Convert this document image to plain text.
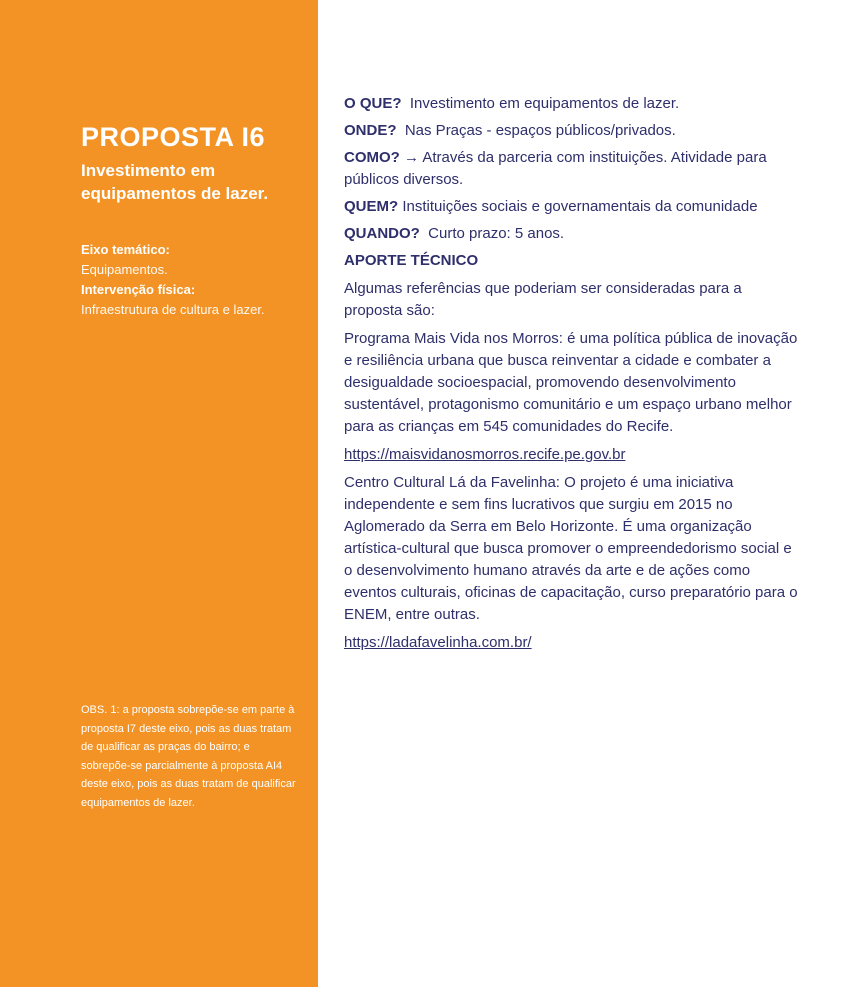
PROPOSTA I6
Investimento em equipamentos de lazer.
Eixo temático:
Equipamentos.
Intervenção física:
Infraestrutura de cultura e lazer.

OBS. 1: a proposta sobrepõe-se em parte à proposta I7 deste eixo, pois as duas tratam de qualificar as praças do bairro; e sobrepõe-se parcialmente à proposta AI4 deste eixo, pois as duas tratam de qualificar equipamentos de lazer.

O QUE? Investimento em equipamentos de lazer.

ONDE? Nas Praças - espaços públicos/privados.

COMO? → Através da parceria com instituições. Atividade para públicos diversos.

QUEM? Instituições sociais e governamentais da comunidade

QUANDO? Curto prazo: 5 anos.

APORTE TÉCNICO

Algumas referências que poderiam ser consideradas para a proposta são:

Programa Mais Vida nos Morros: é uma política pública de inovação e resiliência urbana que busca reinventar a cidade e combater a desigualdade socioespacial, promovendo desenvolvimento sustentável, protagonismo comunitário e um espaço urbano melhor para as crianças em 545 comunidades do Recife.

https://maisvidanosmorros.recife.pe.gov.br

Centro Cultural Lá da Favelinha: O projeto é uma iniciativa independente e sem fins lucrativos que surgiu em 2015 no Aglomerado da Serra em Belo Horizonte. É uma organização artística-cultural que busca promover o empreendedorismo social e o desenvolvimento humano através da arte e de ações como eventos culturais, oficinas de capacitação, curso preparatório para o ENEM, entre outras.

https://ladafavelinha.com.br/
